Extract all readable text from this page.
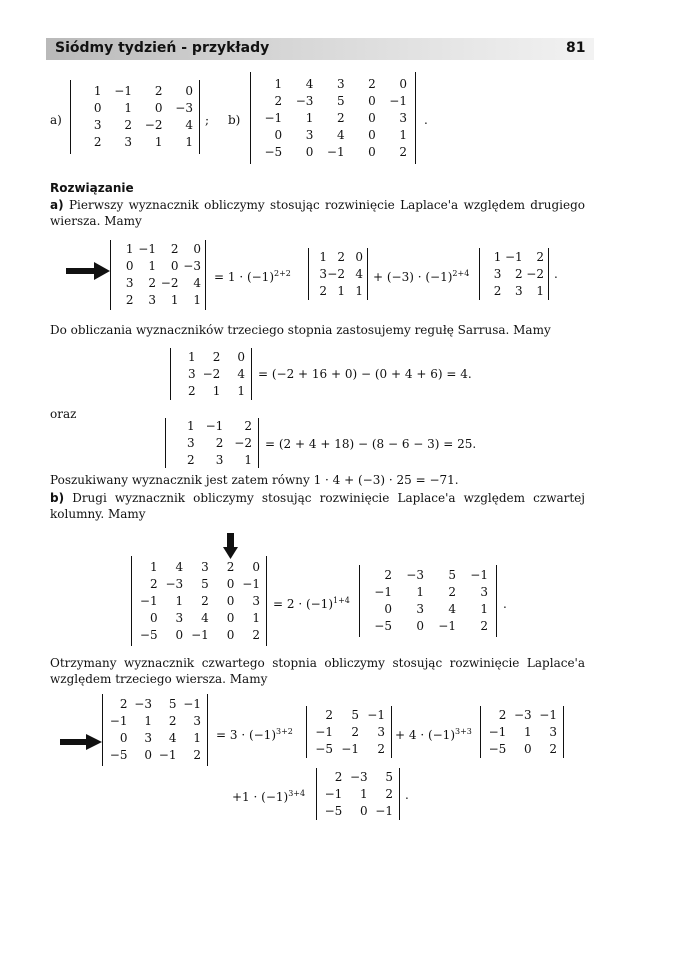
Siódmy tydzień - przykłady	81
a)
1	−1	2	0
0	1	0	−3
3	2	−2	4
2	3	1	1
; b)
1	4	3	2	0
2	−3	5	0	−1
−1	1	2	0	3
0	3	4	0	1
−5	0	−1	0	2
.
Rozwiązanie
a) Pierwszy wyznacznik obliczymy stosując rozwinięcie Laplace'a względem drugiego wiersza. Mamy
1 −1	2	0
0	1	0 −3
3	2 −2	4
2	3	1	1
= $1 \cdot (-1)^{2+2}$
1 2 0
3 −2 4
2 1 1
+ $(-3) \cdot (-1)^{2+4}$
1 −1	2
3	2 −2
2	3	1
.
Do obliczania wyznaczników trzeciego stopnia zastosujemy regułę Sarrusa. Mamy
1	2	0
3 −2	4
2	1	1
= (−2 + 16 + 0) − (0 + 4 + 6) = 4.
oraz
1 −1	2
3	2 −2
2	3	1
= (2 + 4 + 18) − (8 − 6 − 3) = 25.
Poszukiwany wyznacznik jest zatem równy 1 · 4 + (−3) · 25 = −71.
b) Drugi wyznacznik obliczymy stosując rozwinięcie Laplace'a względem czwartej kolumny. Mamy
1	4	3	2	0
2 −3	5	0 −1
−1	1	2	0	3
0	3	4	0	1
−5	0 −1	0	2
= $2 \cdot (-1)^{1+4}$
2	−3	5	−1
−1	1	2	3
0	3	4	1
−5	0	−1	2
.
Otrzymany wyznacznik czwartego stopnia obliczymy stosując rozwinięcie Laplace'a względem trzeciego wiersza. Mamy
2 −3	5 −1
−1	1	2	3
0	3	4	1
−5	0 −1	2
= $3 \cdot (-1)^{3+2}$
2	5 −1
−1	2	3
−5 −1	2
+ $4 \cdot (-1)^{3+3}$
2 −3 −1
−1	1	3
−5	0	2
$+1 \cdot (-1)^{3+4}$
2 −3	5
−1	1	2
−5	0 −1
.
